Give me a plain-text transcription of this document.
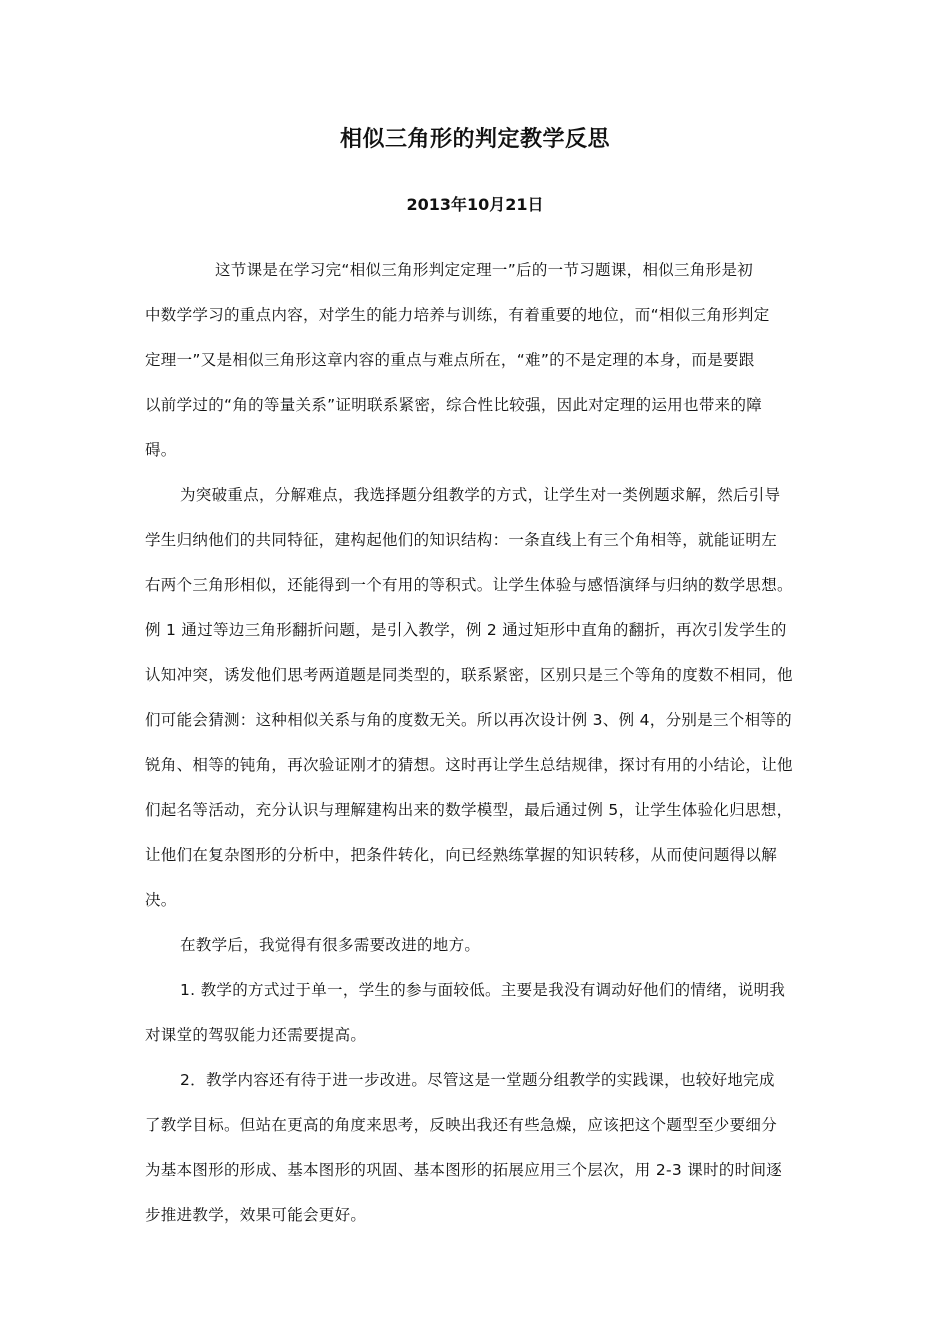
相似三角形的判定教学反思
2013年10月21日
这节课是在学习完“相似三角形判定定理一”后的一节习题课，相似三角形是初
中数学学习的重点内容，对学生的能力培养与训练，有着重要的地位，而“相似三角形判定
定理一”又是相似三角形这章内容的重点与难点所在，“难”的不是定理的本身，而是要跟
以前学过的“角的等量关系”证明联系紧密，综合性比较强，因此对定理的运用也带来的障
碍。
为突破重点，分解难点，我选择题分组教学的方式，让学生对一类例题求解，然后引导
学生归纳他们的共同特征，建构起他们的知识结构：一条直线上有三个角相等，就能证明左
右两个三角形相似，还能得到一个有用的等积式。让学生体验与感悟演绎与归纳的数学思想。
例 1 通过等边三角形翻折问题，是引入教学，例 2 通过矩形中直角的翻折，再次引发学生的
认知冲突，诱发他们思考两道题是同类型的，联系紧密，区别只是三个等角的度数不相同，他
们可能会猜测：这种相似关系与角的度数无关。所以再次设计例 3、例 4，分别是三个相等的
锐角、相等的钝角，再次验证刚才的猜想。这时再让学生总结规律，探讨有用的小结论，让他
们起名等活动，充分认识与理解建构出来的数学模型，最后通过例 5，让学生体验化归思想，
让他们在复杂图形的分析中，把条件转化，向已经熟练掌握的知识转移，从而使问题得以解
决。
在教学后，我觉得有很多需要改进的地方。
1. 教学的方式过于单一，学生的参与面较低。主要是我没有调动好他们的情绪，说明我
对课堂的驾驭能力还需要提高。
2．教学内容还有待于进一步改进。尽管这是一堂题分组教学的实践课，也较好地完成
了教学目标。但站在更高的角度来思考，反映出我还有些急燥，应该把这个题型至少要细分
为基本图形的形成、基本图形的巩固、基本图形的拓展应用三个层次，用 2-3 课时的时间逐
步推进教学，效果可能会更好。
